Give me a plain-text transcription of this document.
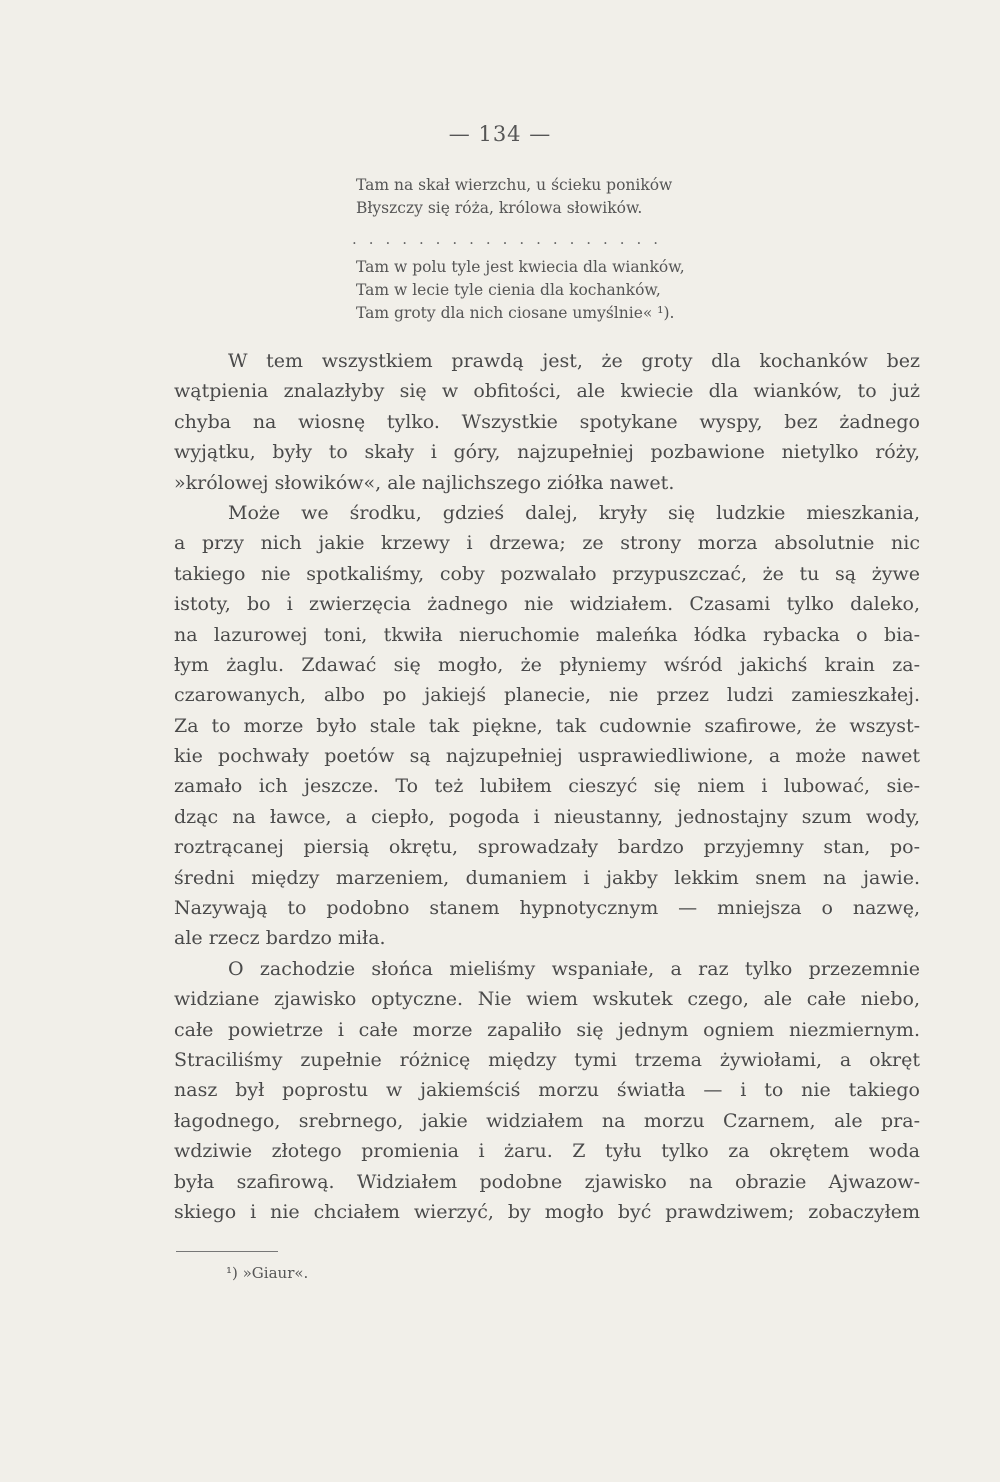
— 134 —
Tam na skał wierzchu, u ścieku poników
Błyszczy się róża, królowa słowików.
. . . . . . . . . . . . . . . . . . .
Tam w polu tyle jest kwiecia dla wianków,
Tam w lecie tyle cienia dla kochanków,
Tam groty dla nich ciosane umyślnie« ¹).
W tem wszystkiem prawdą jest, że groty dla kochanków bez
wątpienia znalazłyby się w obfitości, ale kwiecie dla wianków, to już
chyba na wiosnę tylko. Wszystkie spotykane wyspy, bez żadnego
wyjątku, były to skały i góry, najzupełniej pozbawione nietylko róży,
»królowej słowików«, ale najlichszego ziółka nawet.
Może we środku, gdzieś dalej, kryły się ludzkie mieszkania,
a przy nich jakie krzewy i drzewa; ze strony morza absolutnie nic
takiego nie spotkaliśmy, coby pozwalało przypuszczać, że tu są żywe
istoty, bo i zwierzęcia żadnego nie widziałem. Czasami tylko daleko,
na lazurowej toni, tkwiła nieruchomie maleńka łódka rybacka o bia-
łym żaglu. Zdawać się mogło, że płyniemy wśród jakichś krain za-
czarowanych, albo po jakiejś planecie, nie przez ludzi zamieszkałej.
Za to morze było stale tak piękne, tak cudownie szafirowe, że wszyst-
kie pochwały poetów są najzupełniej usprawiedliwione, a może nawet
zamało ich jeszcze. To też lubiłem cieszyć się niem i lubować, sie-
dząc na ławce, a ciepło, pogoda i nieustanny, jednostajny szum wody,
roztrącanej piersią okrętu, sprowadzały bardzo przyjemny stan, po-
średni między marzeniem, dumaniem i jakby lekkim snem na jawie.
Nazywają to podobno stanem hypnotycznym — mniejsza o nazwę,
ale rzecz bardzo miła.
O zachodzie słońca mieliśmy wspaniałe, a raz tylko przezemnie
widziane zjawisko optyczne. Nie wiem wskutek czego, ale całe niebo,
całe powietrze i całe morze zapaliło się jednym ogniem niezmiernym.
Straciliśmy zupełnie różnicę między tymi trzema żywiołami, a okręt
nasz był poprostu w jakiemściś morzu światła — i to nie takiego
łagodnego, srebrnego, jakie widziałem na morzu Czarnem, ale pra-
wdziwie złotego promienia i żaru. Z tyłu tylko za okrętem woda
była szafirową. Widziałem podobne zjawisko na obrazie Ajwazow-
skiego i nie chciałem wierzyć, by mogło być prawdziwem; zobaczyłem
¹) »Giaur«.
